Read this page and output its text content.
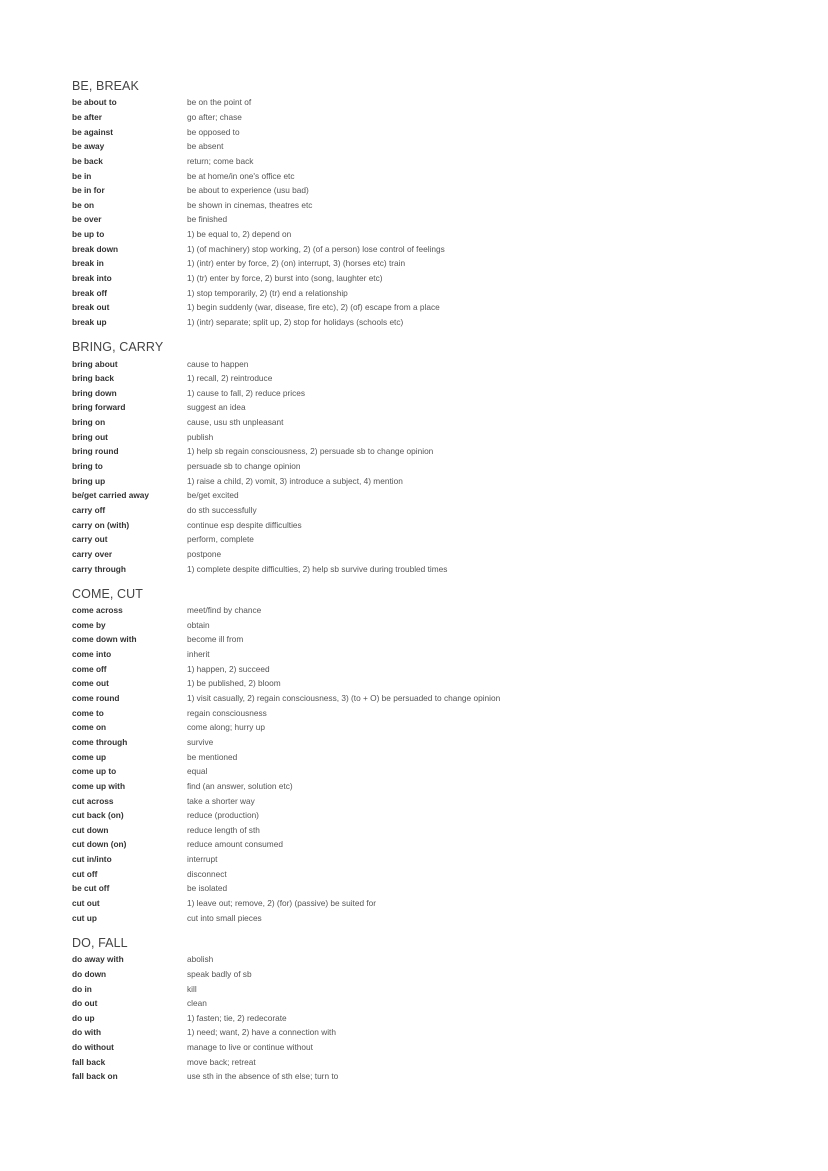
BE, BREAK
be about to	be on the point of
be after	go after; chase
be against	be opposed to
be away	be absent
be back	return; come back
be in	be at home/in one's office etc
be in for	be about to experience (usu bad)
be on	be shown in cinemas, theatres etc
be over	be finished
be up to	1) be equal to, 2) depend on
break down	1) (of machinery) stop working, 2) (of a person) lose control of feelings
break in	1) (intr) enter by force, 2) (on) interrupt, 3) (horses etc) train
break into	1) (tr) enter by force, 2) burst into (song, laughter etc)
break off	1) stop temporarily, 2) (tr) end a relationship
break out	1) begin suddenly (war, disease, fire etc), 2) (of) escape from a place
break up	1) (intr) separate; split up, 2) stop for holidays (schools etc)
BRING, CARRY
bring about	cause to happen
bring back	1) recall, 2) reintroduce
bring down	1) cause to fall, 2) reduce prices
bring forward	suggest an idea
bring on	cause, usu sth unpleasant
bring out	publish
bring round	1) help sb regain consciousness, 2) persuade sb to change opinion
bring to	persuade sb to change opinion
bring up	1) raise a child, 2) vomit, 3) introduce a subject, 4) mention
be/get carried away	be/get excited
carry off	do sth successfully
carry on (with)	continue esp despite difficulties
carry out	perform, complete
carry over	postpone
carry through	1) complete despite difficulties, 2) help sb survive during troubled times
COME, CUT
come across	meet/find by chance
come by	obtain
come down with	become ill from
come into	inherit
come off	1) happen, 2) succeed
come out	1) be published, 2) bloom
come round	1) visit casually, 2) regain consciousness, 3) (to + O) be persuaded to change opinion
come to	regain consciousness
come on	come along; hurry up
come through	survive
come up	be mentioned
come up to	equal
come up with	find (an answer, solution etc)
cut across	take a shorter way
cut back (on)	reduce (production)
cut down	reduce length of sth
cut down (on)	reduce amount consumed
cut in/into	interrupt
cut off	disconnect
be cut off	be isolated
cut out	1) leave out; remove, 2) (for) (passive) be suited for
cut up	cut into small pieces
DO, FALL
do away with	abolish
do down	speak badly of sb
do in	kill
do out	clean
do up	1) fasten; tie, 2) redecorate
do with	1) need; want, 2) have a connection with
do without	manage to live or continue without
fall back	move back; retreat
fall back on	use sth in the absence of sth else; turn to
